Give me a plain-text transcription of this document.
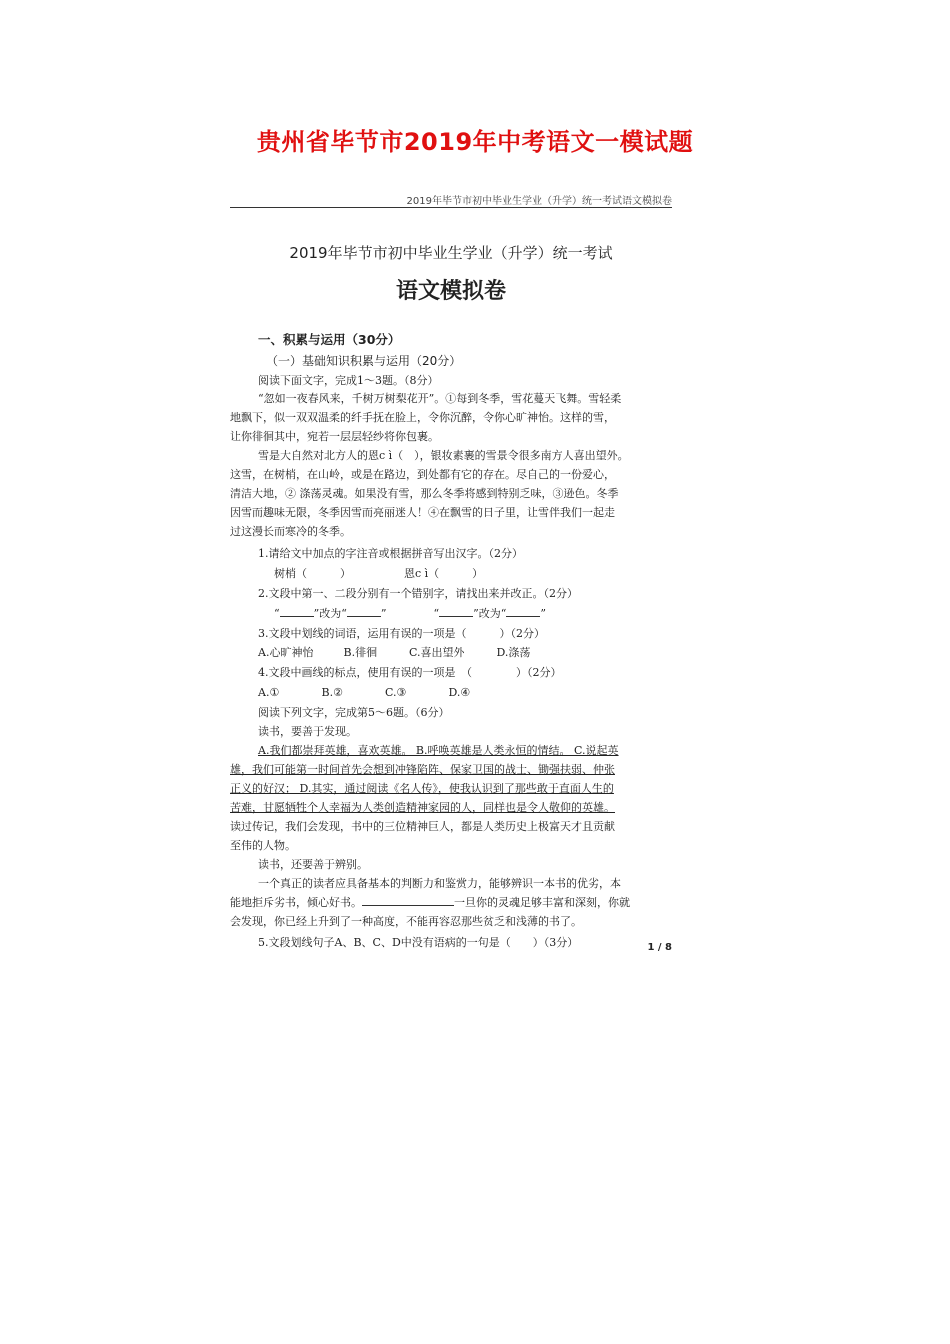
贵州省毕节市2019年中考语文一模试题
2019年毕节市初中毕业生学业（升学）统一考试语文模拟卷
2019年毕节市初中毕业生学业（升学）统一考试
语文模拟卷
一、积累与运用（30分）
（一）基础知识积累与运用（20分）
阅读下面文字，完成1～3题。（8分）
“忽如一夜春风来，千树万树梨花开”。①每到冬季，雪花蔓天飞舞。雪轻柔
地飘下，似一双双温柔的纤手抚在脸上，令你沉醉，令你心旷神怡。这样的雪，
让你徘徊其中，宛若一层层轻纱将你包裹。
雪是大自然对北方人的恩c ì（　），银妆素裹的雪景令很多南方人喜出望外。
这雪，在树梢，在山岭，或是在路边，到处都有它的存在。尽自己的一份爱心，
清洁大地，② 涤荡灵魂。如果没有雪，那么冬季将感到特别乏味，③逊色。冬季
因雪而趣味无限，冬季因雪而亮丽迷人！④在飘雪的日子里，让雪伴我们一起走
过这漫长而寒冷的冬季。
1.请给文中加点的字注音或根据拼音写出汉字。（2分）
树梢（　　　）	恩c ì（　　　）
2.文段中第一、二段分别有一个错别字，请找出来并改正。（2分）
“	”改为“	”	“	”改为“	”
3.文段中划线的词语，运用有误的一项是（　　　）（2分）
A.心旷神怡	B.徘徊	C.喜出望外	D.涤荡
4.文段中画线的标点，使用有误的一项是　（　　　　）（2分）
A.①	B.②	C.③	D.④
阅读下列文字，完成第5～6题。（6分）
读书，要善于发现。
A.我们都崇拜英雄，喜欢英雄。 B.呼唤英雄是人类永恒的情结。 C.说起英
雄，我们可能第一时间首先会想到冲锋陷阵、保家卫国的战士、锄强扶弱、仲张
正义的好汉； D.其实，通过阅读《名人传》，使我认识到了那些敢于直面人生的
苦难，甘愿牺牲个人幸福为人类创造精神家园的人，同样也是令人敬仰的英雄。
读过传记，我们会发现，书中的三位精神巨人，都是人类历史上极富天才且贡献
至伟的人物。
读书，还要善于辨别。
一个真正的读者应具备基本的判断力和鉴赏力，能够辨识一本书的优劣，本
能地拒斥劣书，倾心好书。	一旦你的灵魂足够丰富和深刻，你就
会发现，你已经上升到了一种高度，不能再容忍那些贫乏和浅薄的书了。
5.文段划线句子A、B、C、D中没有语病的一句是（　　）（3分）	1 / 8
